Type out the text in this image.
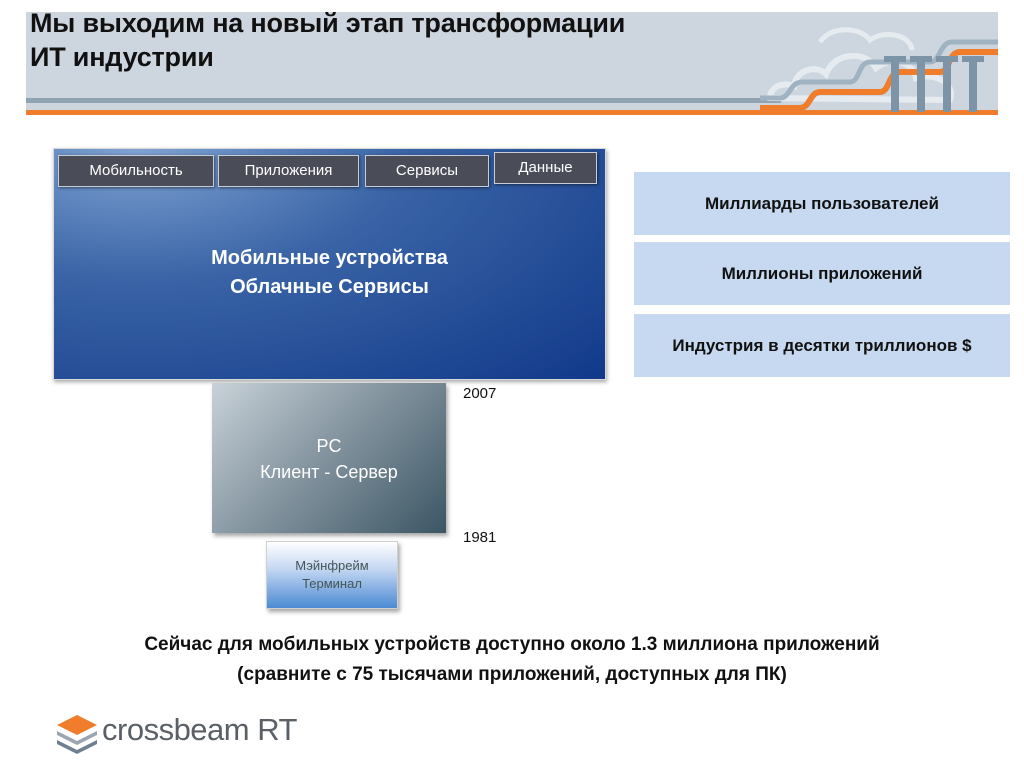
Мы выходим на новый этап трансформации
ИТ индустрии
Мобильность	Приложения	Сервисы	Данные
Мобильные устройства
Облачные Сервисы
PC
Клиент - Сервер
Мэйнфрейм
Терминал
2007
1981
Миллиарды пользователей
Миллионы приложений
Индустрия в десятки триллионов $
Сейчас для мобильных устройств доступно около 1.3 миллиона приложений
(сравните с 75 тысячами приложений, доступных для ПК)
crossbeam RT
